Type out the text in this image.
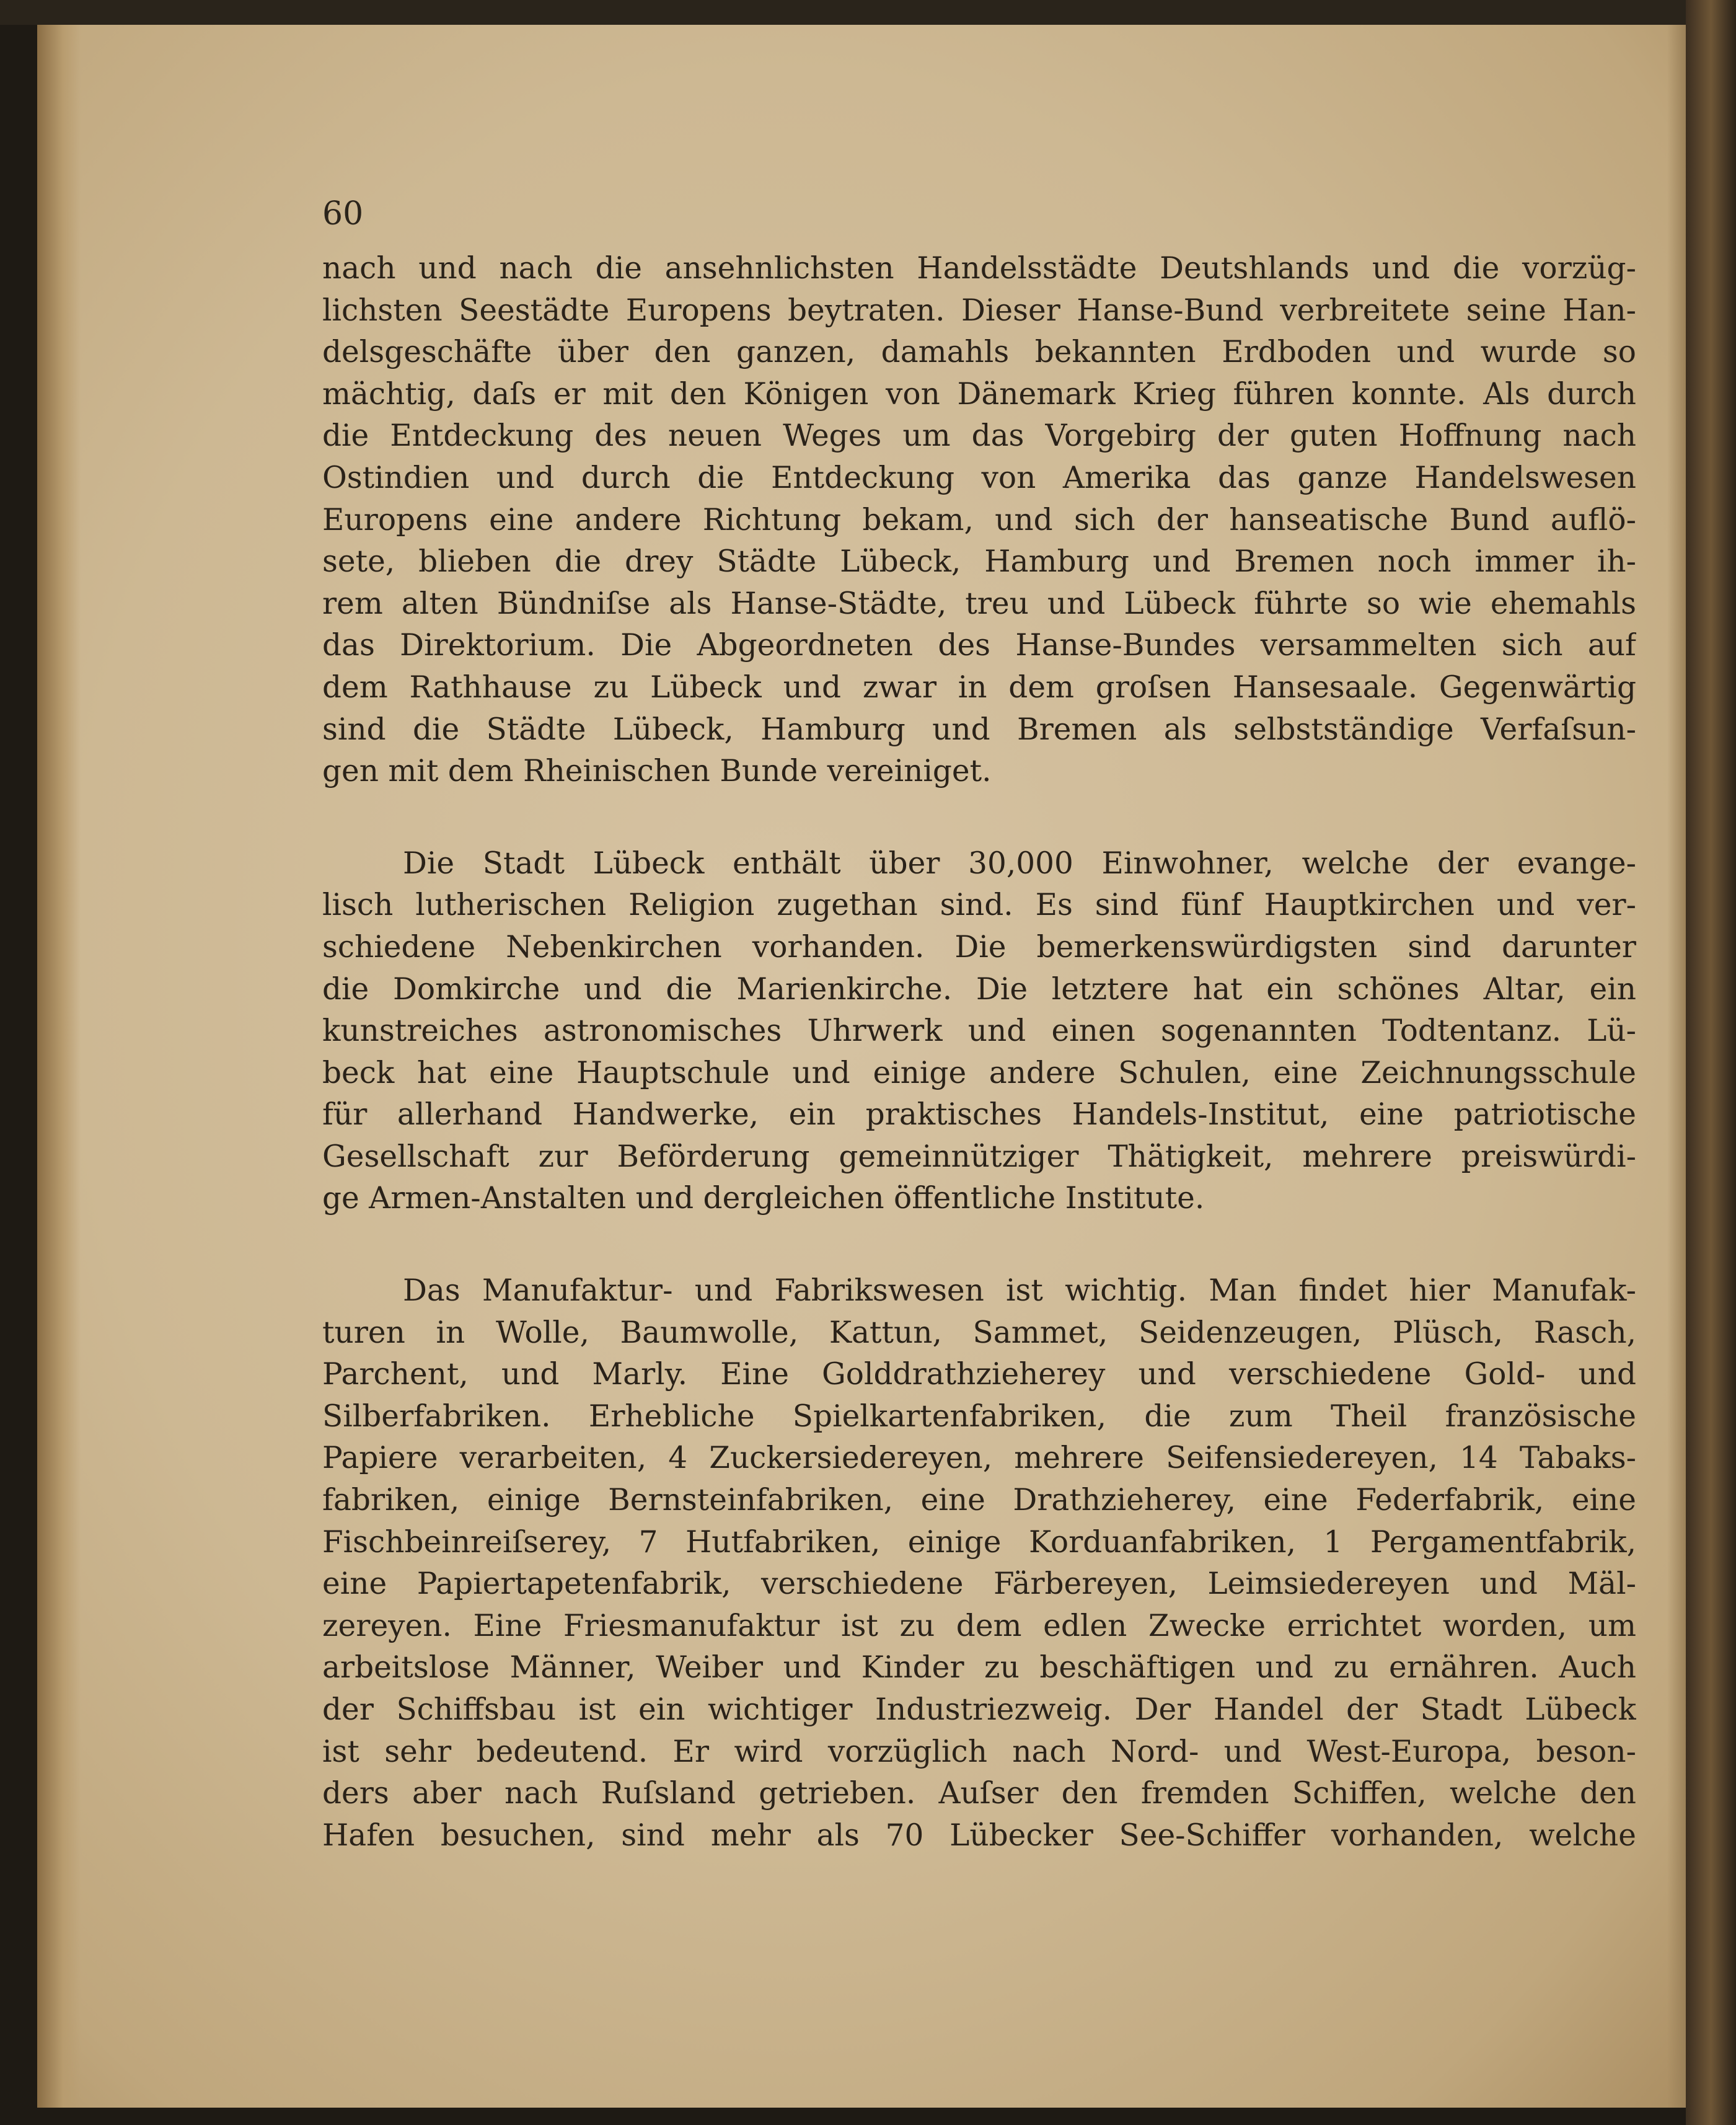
60

nach und nach die ansehnlichsten Handelsstädte Deutshlands und die vorzüg-
lichsten Seestädte Europens beytraten. Dieser Hanse-Bund verbreitete seine Han-
delsgeschäfte über den ganzen, damahls bekannten Erdboden und wurde so
mächtig, daſs er mit den Königen von Dänemark Krieg führen konnte. Als durch
die Entdeckung des neuen Weges um das Vorgebirg der guten Hoffnung nach
Ostindien und durch die Entdeckung von Amerika das ganze Handelswesen
Europens eine andere Richtung bekam, und sich der hanseatische Bund auflö-
sete, blieben die drey Städte Lübeck, Hamburg und Bremen noch immer ih-
rem alten Bündniſse als Hanse-Städte, treu und Lübeck führte so wie ehemahls
das Direktorium. Die Abgeordneten des Hanse-Bundes versammelten sich auf
dem Rathhause zu Lübeck und zwar in dem groſsen Hansesaale. Gegenwärtig
sind die Städte Lübeck, Hamburg und Bremen als selbstständige Verfaſsun-
gen mit dem Rheinischen Bunde vereiniget.
Die Stadt Lübeck enthält über 30,000 Einwohner, welche der evange-
lisch lutherischen Religion zugethan sind. Es sind fünf Hauptkirchen und ver-
schiedene Nebenkirchen vorhanden. Die bemerkenswürdigsten sind darunter
die Domkirche und die Marienkirche. Die letztere hat ein schönes Altar, ein
kunstreiches astronomisches Uhrwerk und einen sogenannten Todtentanz. Lü-
beck hat eine Hauptschule und einige andere Schulen, eine Zeichnungsschule
für allerhand Handwerke, ein praktisches Handels-Institut, eine patriotische
Gesellschaft zur Beförderung gemeinnütziger Thätigkeit, mehrere preiswürdi-
ge Armen-Anstalten und dergleichen öffentliche Institute.
Das Manufaktur- und Fabrikswesen ist wichtig. Man findet hier Manufak-
turen in Wolle, Baumwolle, Kattun, Sammet, Seidenzeugen, Plüsch, Rasch,
Parchent, und Marly. Eine Golddrathzieherey und verschiedene Gold- und
Silberfabriken. Erhebliche Spielkartenfabriken, die zum Theil französische
Papiere verarbeiten, 4 Zuckersiedereyen, mehrere Seifensiedereyen, 14 Tabaks-
fabriken, einige Bernsteinfabriken, eine Drathzieherey, eine Federfabrik, eine
Fischbeinreiſserey, 7 Hutfabriken, einige Korduanfabriken, 1 Pergamentfabrik,
eine Papiertapetenfabrik, verschiedene Färbereyen, Leimsiedereyen und Mäl-
zereyen. Eine Friesmanufaktur ist zu dem edlen Zwecke errichtet worden, um
arbeitslose Männer, Weiber und Kinder zu beschäftigen und zu ernähren. Auch
der Schiffsbau ist ein wichtiger Industriezweig. Der Handel der Stadt Lübeck
ist sehr bedeutend. Er wird vorzüglich nach Nord- und West-Europa, beson-
ders aber nach Ruſsland getrieben. Auſser den fremden Schiffen, welche den
Hafen besuchen, sind mehr als 70 Lübecker See-Schiffer vorhanden, welche
